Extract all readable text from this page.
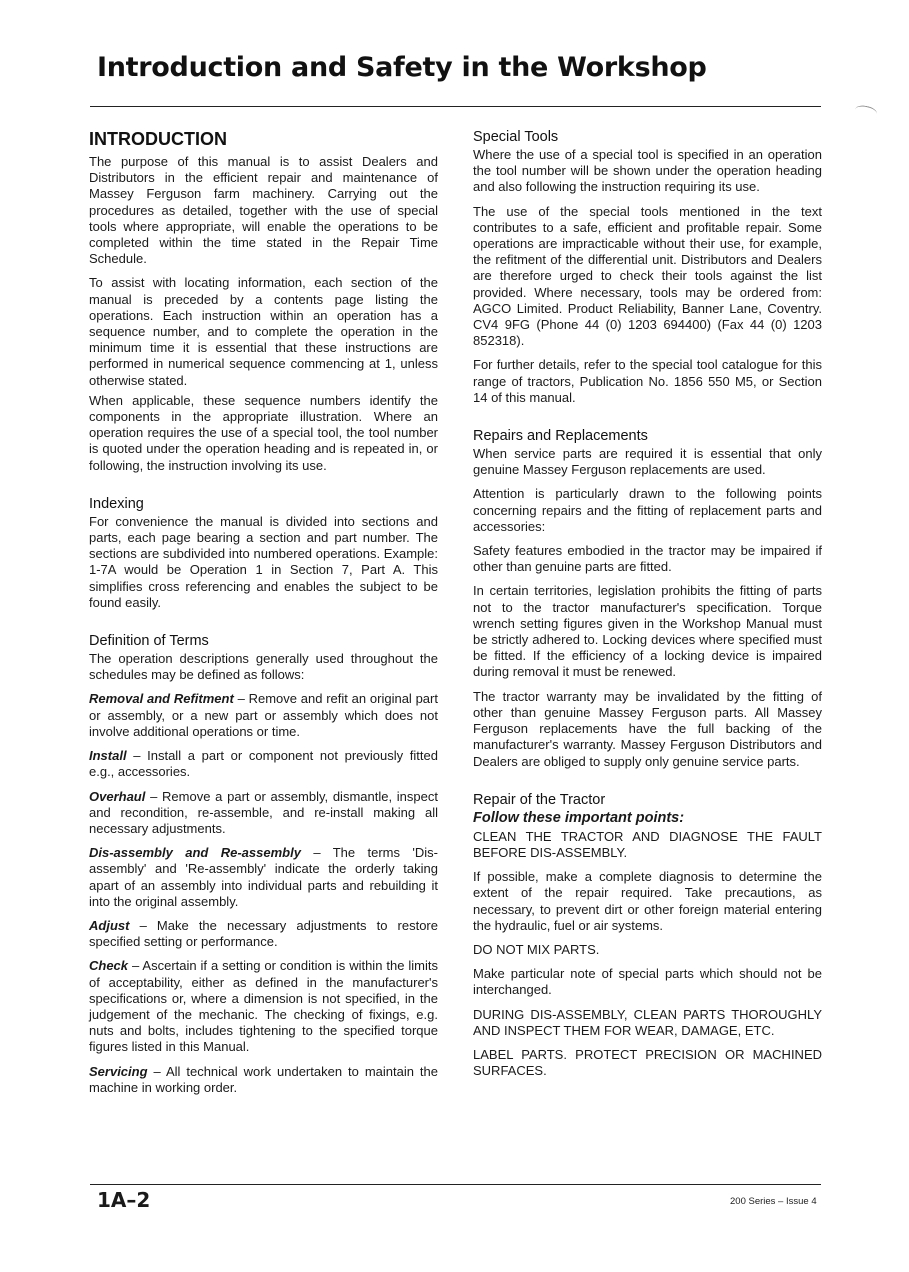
Introduction and Safety in the Workshop
INTRODUCTION

The purpose of this manual is to assist Dealers and Distributors in the efficient repair and maintenance of Massey Ferguson farm machinery. Carrying out the procedures as detailed, together with the use of special tools where appropriate, will enable the operations to be completed within the time stated in the Repair Time Schedule.

To assist with locating information, each section of the manual is preceded by a contents page listing the operations. Each instruction within an operation has a sequence number, and to complete the operation in the minimum time it is essential that these instructions are performed in numerical sequence commencing at 1, unless otherwise stated.

When applicable, these sequence numbers identify the components in the appropriate illustration. Where an operation requires the use of a special tool, the tool number is quoted under the operation heading and is repeated in, or following, the instruction involving its use.

Indexing

For convenience the manual is divided into sections and parts, each page bearing a section and part number. The sections are subdivided into numbered operations. Example: 1-7A would be Operation 1 in Section 7, Part A. This simplifies cross referencing and enables the subject to be found easily.

Definition of Terms

The operation descriptions generally used throughout the schedules may be defined as follows:

Removal and Refitment – Remove and refit an original part or assembly, or a new part or assembly which does not involve additional operations or time.

Install – Install a part or component not previously fitted e.g., accessories.

Overhaul – Remove a part or assembly, dismantle, inspect and recondition, re-assemble, and re-install making all necessary adjustments.

Dis-assembly and Re-assembly – The terms 'Dis-assembly' and 'Re-assembly' indicate the orderly taking apart of an assembly into individual parts and rebuilding it into the original assembly.

Adjust – Make the necessary adjustments to restore specified setting or performance.

Check – Ascertain if a setting or condition is within the limits of acceptability, either as defined in the manufacturer's specifications or, where a dimension is not specified, in the judgement of the mechanic. The checking of fixings, e.g. nuts and bolts, includes tightening to the specified torque figures listed in this Manual.

Servicing – All technical work undertaken to maintain the machine in working order.

Special Tools

Where the use of a special tool is specified in an operation the tool number will be shown under the operation heading and also following the instruction requiring its use.

The use of the special tools mentioned in the text contributes to a safe, efficient and profitable repair. Some operations are impracticable without their use, for example, the refitment of the differential unit. Distributors and Dealers are therefore urged to check their tools against the list provided. Where necessary, tools may be ordered from: AGCO Limited. Product Reliability, Banner Lane, Coventry. CV4 9FG (Phone 44 (0) 1203 694400) (Fax 44 (0) 1203 852318).

For further details, refer to the special tool catalogue for this range of tractors, Publication No. 1856 550 M5, or Section 14 of this manual.

Repairs and Replacements

When service parts are required it is essential that only genuine Massey Ferguson replacements are used.

Attention is particularly drawn to the following points concerning repairs and the fitting of replacement parts and accessories:

Safety features embodied in the tractor may be impaired if other than genuine parts are fitted.

In certain territories, legislation prohibits the fitting of parts not to the tractor manufacturer's specification. Torque wrench setting figures given in the Workshop Manual must be strictly adhered to. Locking devices where specified must be fitted. If the efficiency of a locking device is impaired during removal it must be renewed.

The tractor warranty may be invalidated by the fitting of other than genuine Massey Ferguson parts. All Massey Ferguson replacements have the full backing of the manufacturer's warranty. Massey Ferguson Distributors and Dealers are obliged to supply only genuine service parts.

Repair of the Tractor
Follow these important points:

CLEAN THE TRACTOR AND DIAGNOSE THE FAULT BEFORE DIS-ASSEMBLY.

If possible, make a complete diagnosis to determine the extent of the repair required. Take precautions, as necessary, to prevent dirt or other foreign material entering the hydraulic, fuel or air systems.

DO NOT MIX PARTS.

Make particular note of special parts which should not be interchanged.

DURING DIS-ASSEMBLY, CLEAN PARTS THOROUGHLY AND INSPECT THEM FOR WEAR, DAMAGE, ETC.

LABEL PARTS. PROTECT PRECISION OR MACHINED SURFACES.

1A–2	200 Series – Issue 4
